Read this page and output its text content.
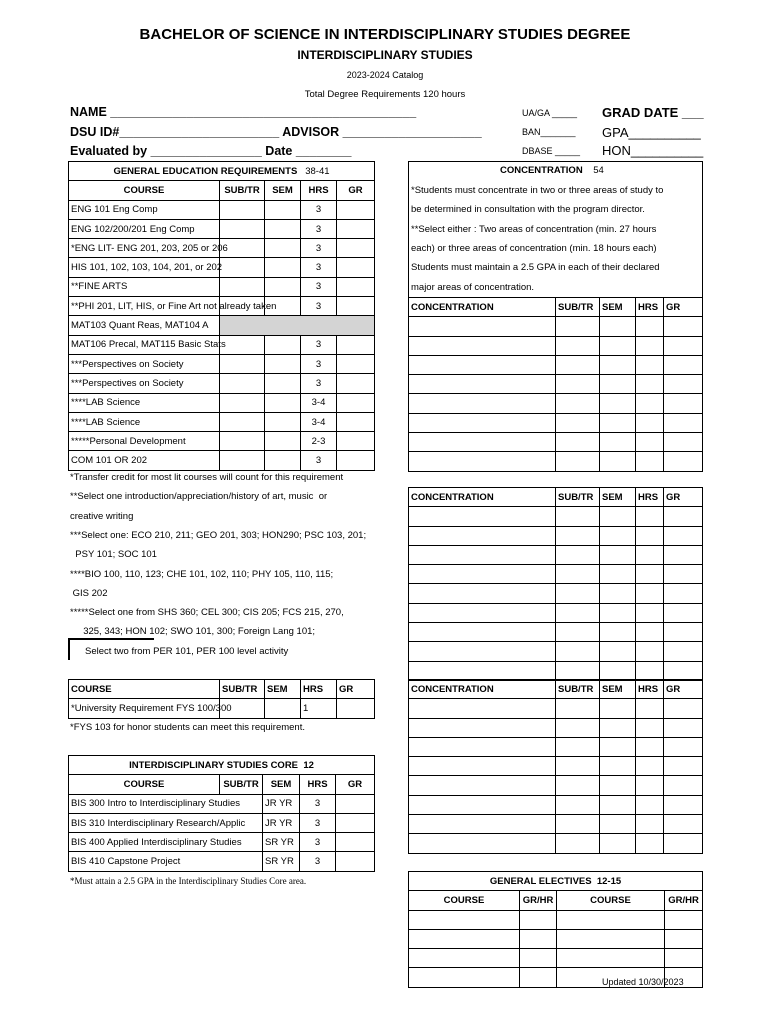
BACHELOR OF SCIENCE IN INTERDISCIPLINARY STUDIES DEGREE
INTERDISCIPLINARY STUDIES
2023-2024 Catalog
Total Degree Requirements 120 hours
NAME ____________________________________________
DSU ID#_______________________ ADVISOR ____________________
Evaluated by ________________ Date ________
UA/GA _____
BAN_______
DBASE _____
GRAD DATE ___
GPA__________
HON__________
GENERAL EDUCATION REQUIREMENTS 38-41				
COURSE	SUB/TR	SEM	HRS	GR
ENG 101 Eng Comp			3	
ENG 102/200/201 Eng Comp			3	
*ENG LIT- ENG 201, 203, 205 or 206			3	
HIS 101, 102, 103, 104, 201, or 202			3	
**FINE ARTS			3	
**PHI 201, LIT, HIS, or Fine Art not already taken			3	
MAT103 Quant Reas, MAT104 A				
MAT106 Precal, MAT115 Basic Stats			3	
***Perspectives on Society			3	
***Perspectives on Society			3	
****LAB Science			3-4	
****LAB Science			3-4	
*****Personal Development			2-3	
COM 101 OR 202			3	
*Transfer credit for most lit courses will count for this requirement
**Select one introduction/appreciation/history of art, music  or
creative writing
***Select one: ECO 210, 211; GEO 201, 303; HON290; PSC 103, 201;
PSY 101; SOC 101
****BIO 100, 110, 123; CHE 101, 102, 110; PHY 105, 110, 115;
GIS 202
*****Select one from SHS 360; CEL 300; CIS 205; FCS 215, 270,
325, 343; HON 102; SWO 101, 300; Foreign Lang 101;
Select two from PER 101, PER 100 level activity
COURSE	SUB/TR	SEM	HRS	GR
*University Requirement FYS 100/300			1	
*FYS 103 for honor students can meet this requirement.
INTERDISCIPLINARY STUDIES CORE 12				
COURSE	SUB/TR	SEM	HRS	GR
BIS 300 Intro to Interdisciplinary Studies		JR YR	3	
BIS 310 Interdisciplinary Research/Applic		JR YR	3	
BIS 400 Applied Interdisciplinary Studies		SR YR	3	
BIS 410 Capstone Project		SR YR	3	
*Must attain a 2.5 GPA in the Interdisciplinary Studies Core area.
CONCENTRATION 54
*Students must concentrate in two or three areas of study to
be determined in consultation with the program director.
**Select either : Two areas of concentration (min. 27 hours
each) or three areas of concentration (min. 18 hours each)
Students must maintain a 2.5 GPA in each of their declared
major areas of concentration.
CONCENTRATION	SUB/TR	SEM	HRS	GR

CONCENTRATION	SUB/TR	SEM	HRS	GR

CONCENTRATION	SUB/TR	SEM	HRS	GR

GENERAL ELECTIVES 12-15			
COURSE	GR/HR	COURSE	GR/HR

Updated 10/30/2023
